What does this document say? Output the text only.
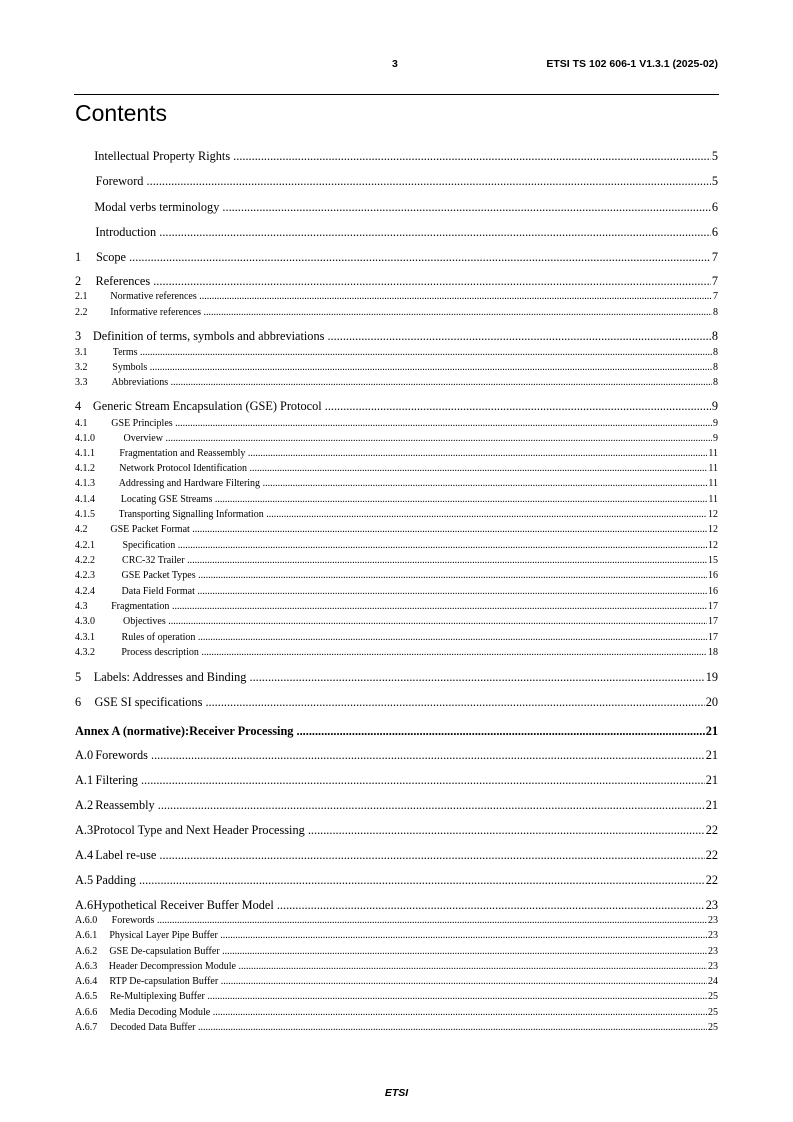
3	ETSI TS 102 606-1 V1.3.1 (2025-02)
Contents
Intellectual Property Rights .....	5
Foreword .....	5
Modal verbs terminology .....	6
Introduction .....	6
1	Scope .....	7
2	References .....	7
2.1	Normative references .....	7
2.2	Informative references .....	8
3 Definition of terms, symbols and abbreviations .....	8
3.1	Terms .....	8
3.2	Symbols .....	8
3.3	Abbreviations .....	8
4 Generic Stream Encapsulation (GSE) Protocol .....	9
4.1	GSE Principles .....	9
4.1.0	Overview .....	9
4.1.1	Fragmentation and Reassembly .....	11
4.1.2	Network Protocol Identification .....	11
4.1.3	Addressing and Hardware Filtering .....	11
4.1.4	Locating GSE Streams .....	11
4.1.5	Transporting Signalling Information .....	12
4.2	GSE Packet Format .....	12
4.2.1	Specification .....	12
4.2.2	CRC-32 Trailer .....	15
4.2.3	GSE Packet Types .....	16
4.2.4	Data Field Format .....	16
4.3	Fragmentation .....	17
4.3.0	Objectives .....	17
4.3.1	Rules of operation .....	17
4.3.2	Process description .....	18
5	Labels: Addresses and Binding .....	19
6	GSE SI specifications .....	20
Annex A (normative): Receiver Processing .....	21
A.0 Forewords .....	21
A.1 Filtering .....	21
A.2 Reassembly .....	21
A.3 Protocol Type and Next Header Processing .....	22
A.4 Label re-use .....	22
A.5 Padding .....	22
A.6 Hypothetical Receiver Buffer Model .....	23
A.6.0	Forewords .....	23
A.6.1	Physical Layer Pipe Buffer .....	23
A.6.2	GSE De-capsulation Buffer .....	23
A.6.3	Header Decompression Module .....	23
A.6.4	RTP De-capsulation Buffer .....	24
A.6.5	Re-Multiplexing Buffer .....	25
A.6.6	Media Decoding Module .....	25
A.6.7	Decoded Data Buffer .....	25
ETSI
